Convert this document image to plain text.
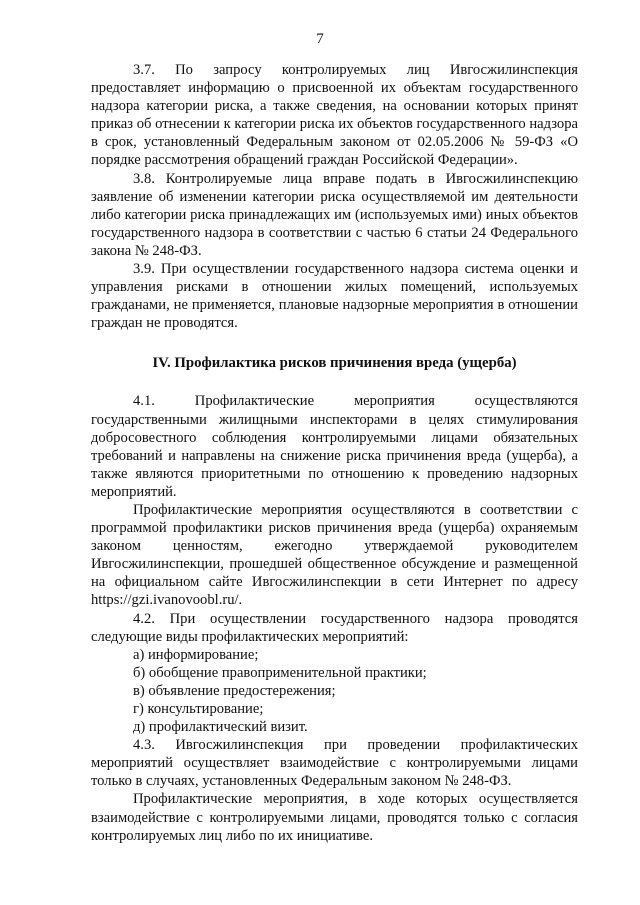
7

3.7. По запросу контролируемых лиц Ивгосжилинспекция предоставляет информацию о присвоенной их объектам государственного надзора категории риска, а также сведения, на основании которых принят приказ об отнесении к категории риска их объектов государственного надзора в срок, установленный Федеральным законом от 02.05.2006 № 59-ФЗ «О порядке рассмотрения обращений граждан Российской Федерации».

3.8. Контролируемые лица вправе подать в Ивгосжилинспекцию заявление об изменении категории риска осуществляемой им деятельности либо категории риска принадлежащих им (используемых ими) иных объектов государственного надзора в соответствии с частью 6 статьи 24 Федерального закона № 248-ФЗ.

3.9. При осуществлении государственного надзора система оценки и управления рисками в отношении жилых помещений, используемых гражданами, не применяется, плановые надзорные мероприятия в отношении граждан не проводятся.

IV. Профилактика рисков причинения вреда (ущерба)

4.1. Профилактические мероприятия осуществляются государственными жилищными инспекторами в целях стимулирования добросовестного соблюдения контролируемыми лицами обязательных требований и направлены на снижение риска причинения вреда (ущерба), а также являются приоритетными по отношению к проведению надзорных мероприятий.

Профилактические мероприятия осуществляются в соответствии с программой профилактики рисков причинения вреда (ущерба) охраняемым законом ценностям, ежегодно утверждаемой руководителем Ивгосжилинспекции, прошедшей общественное обсуждение и размещенной на официальном сайте Ивгосжилинспекции в сети Интернет по адресу https://gzi.ivanovoobl.ru/.

4.2. При осуществлении государственного надзора проводятся следующие виды профилактических мероприятий:

а) информирование;
б) обобщение правоприменительной практики;
в) объявление предостережения;
г) консультирование;
д) профилактический визит.

4.3. Ивгосжилинспекция при проведении профилактических мероприятий осуществляет взаимодействие с контролируемыми лицами только в случаях, установленных Федеральным законом № 248-ФЗ.

Профилактические мероприятия, в ходе которых осуществляется взаимодействие с контролируемыми лицами, проводятся только с согласия контролируемых лиц либо по их инициативе.
